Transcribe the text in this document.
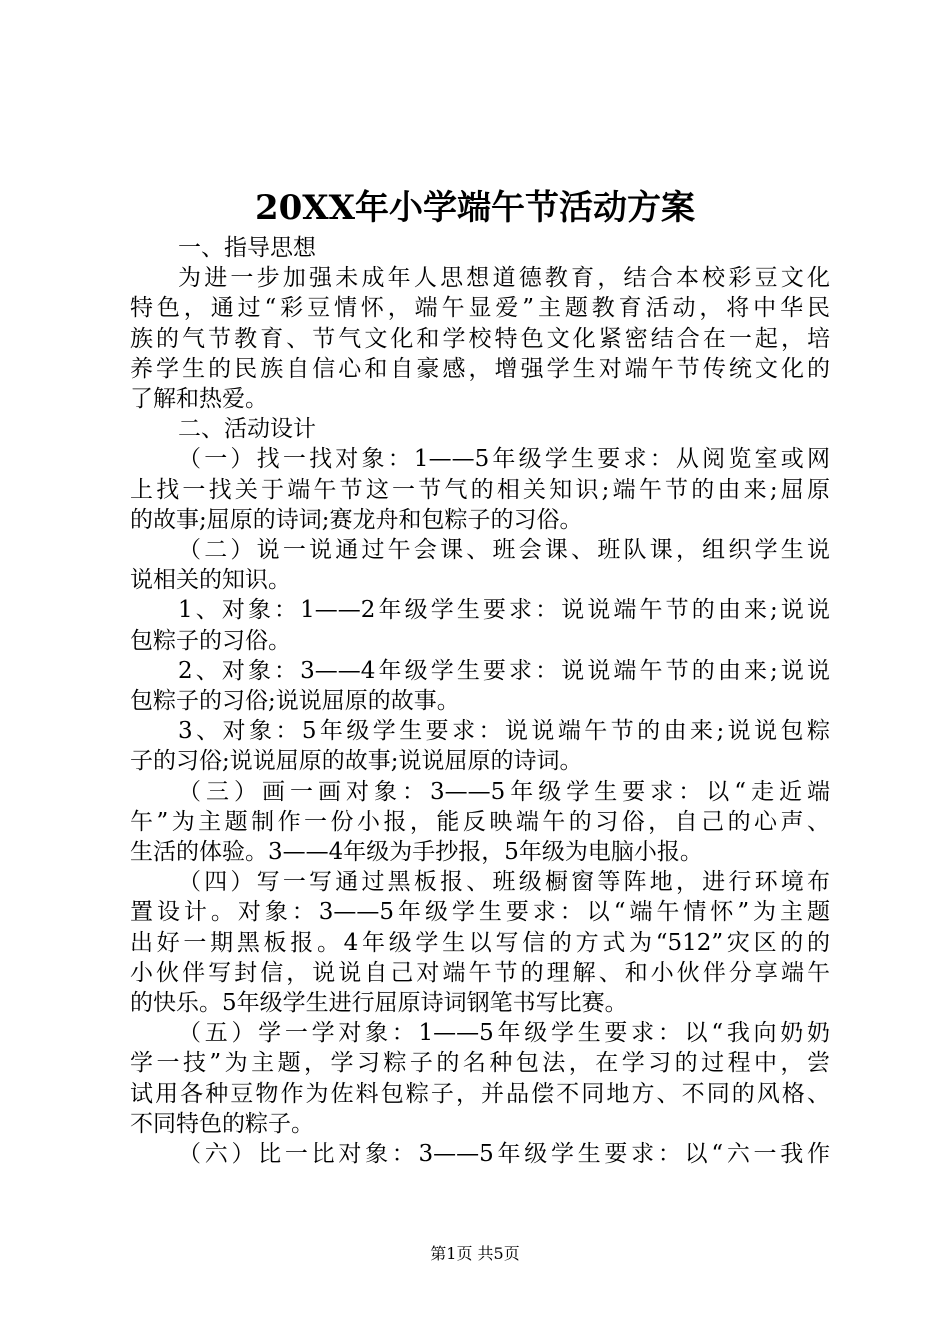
20XX年小学端午节活动方案
一、指导思想
为进一步加强未成年人思想道德教育，结合本校彩豆文化
特色，通过“彩豆情怀，端午显爱”主题教育活动，将中华民
族的气节教育、节气文化和学校特色文化紧密结合在一起，培
养学生的民族自信心和自豪感，增强学生对端午节传统文化的
了解和热爱。
二、活动设计
（一）找一找对象：1——5年级学生要求：从阅览室或网
上找一找关于端午节这一节气的相关知识;端午节的由来;屈原
的故事;屈原的诗词;赛龙舟和包粽子的习俗。
（二）说一说通过午会课、班会课、班队课，组织学生说
说相关的知识。
1、对象：1——2年级学生要求：说说端午节的由来;说说
包粽子的习俗。
2、对象：3——4年级学生要求：说说端午节的由来;说说
包粽子的习俗;说说屈原的故事。
3、对象：5年级学生要求：说说端午节的由来;说说包粽
子的习俗;说说屈原的故事;说说屈原的诗词。
（三）画一画对象：3——5年级学生要求：以“走近端
午”为主题制作一份小报，能反映端午的习俗，自己的心声、
生活的体验。3——4年级为手抄报，5年级为电脑小报。
（四）写一写通过黑板报、班级橱窗等阵地，进行环境布
置设计。对象：3——5年级学生要求：以“端午情怀”为主题
出好一期黑板报。4年级学生以写信的方式为“512”灾区的的
小伙伴写封信，说说自己对端午节的理解、和小伙伴分享端午
的快乐。5年级学生进行屈原诗词钢笔书写比赛。
（五）学一学对象：1——5年级学生要求：以“我向奶奶
学一技”为主题，学习粽子的名种包法，在学习的过程中，尝
试用各种豆物作为佐料包粽子，并品偿不同地方、不同的风格、
不同特色的粽子。
（六）比一比对象：3——5年级学生要求：以“六一我作
第1页 共5页
